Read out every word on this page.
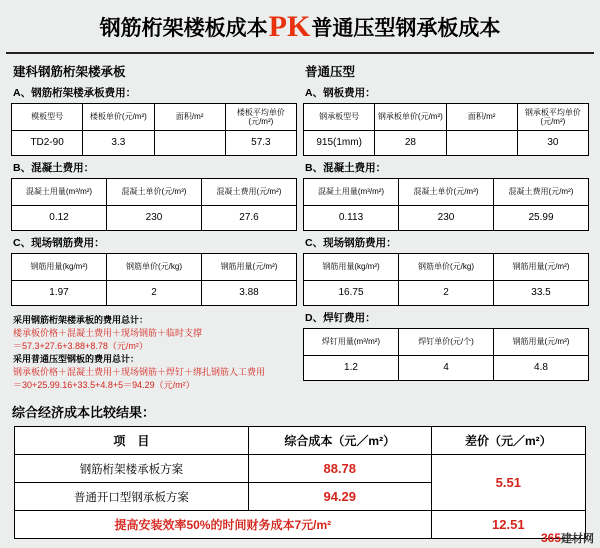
钢筋桁架楼板成本PK普通压型钢承板成本
建科钢筋桁架楼承板
A、钢筋桁架楼承板费用：
模板型号	楼板单价(元/m²)	面积/m²	楼板平均单价(元/m²)
TD2-90	3.3		57.3
B、混凝土费用：
混凝土用量(m³/m²)	混凝土单价(元/m³)	混凝土费用(元/m²)
0.12	230	27.6
C、现场钢筋费用：
钢筋用量(kg/m²)	钢筋单价(元/kg)	钢筋用量(元/m²)
1.97	2	3.88
采用钢筋桁架楼承板的费用总计：
楼承板价格＋混凝土费用＋现场钢筋＋临时支撑
＝57.3+27.6+3.88+8.78（元/m²）
采用普通压型钢板的费用总计：
钢承板价格＋混凝土费用＋现场钢筋＋焊钉＋绑扎钢筋人工费用
＝30+25.99.16+33.5+4.8+5＝94.29（元/m²）
普通压型
A、钢板费用：
钢承板型号	钢承板单价(元/m²)	面积/m²	钢承板平均单价(元/m²)
915(1mm)	28		30
B、混凝土费用：
混凝土用量(m³/m²)	混凝土单价(元/m³)	混凝土费用(元/m²)
0.113	230	25.99
C、现场钢筋费用：
钢筋用量(kg/m²)	钢筋单价(元/kg)	钢筋用量(元/m²)
16.75	2	33.5
D、焊钉费用：
焊钉用量(m³/m²)	焊钉单价(元/个)	钢筋用量(元/m²)
1.2	4	4.8
综合经济成本比较结果：
项　目	综合成本（元／m²）	差价（元／m²）
钢筋桁架楼承板方案	88.78	5.51
普通开口型钢承板方案	94.29	
提高安装效率50%的时间财务成本7元/m²		12.51
365建材网
